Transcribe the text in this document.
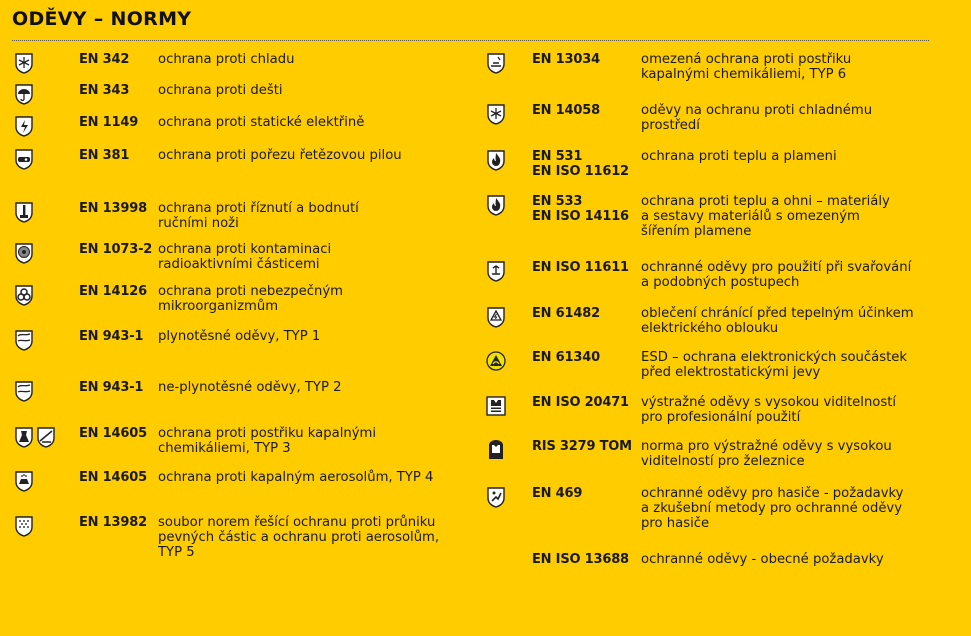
ODĚVY – NORMY
EN 342	ochrana proti chladu
EN 343	ochrana proti dešti
EN 1149	ochrana proti statické elektřině
EN 381	ochrana proti pořezu řetězovou pilou
EN 13998 ochrana proti říznutí a bodnutí
ručními noži
EN 1073-2 ochrana proti kontaminaci
radioaktivními částicemi
EN 14126 ochrana proti nebezpečným
mikroorganizmům
EN 943-1	plynotěsné oděvy, TYP 1
EN 943-1	ne-plynotěsné oděvy, TYP 2
EN 14605 ochrana proti postřiku kapalnými
chemikáliemi, TYP 3
EN 14605 ochrana proti kapalným aerosolům, TYP 4
EN 13982 soubor norem řešící ochranu proti průniku
pevných částic a ochranu proti aerosolům,
TYP 5
EN 13034	omezená ochrana proti postřiku
kapalnými chemikáliemi, TYP 6
EN 14058	oděvy na ochranu proti chladnému
prostředí
EN 531
EN ISO 11612
ochrana proti teplu a plameni
EN 533
EN ISO 14116
ochrana proti teplu a ohni – materiály
a sestavy materiálů s omezeným
šířením plamene
EN ISO 11611 ochranné oděvy pro použití při svařování
a podobných postupech
EN 61482	oblečení chránící před tepelným účinkem
elektrického oblouku
EN 61340	ESD – ochrana elektronických součástek
před elektrostatickými jevy
EN ISO 20471 výstražné oděvy s vysokou viditelností
pro profesionální použití
RIS 3279 TOM norma pro výstražné oděvy s vysokou
viditelností pro železnice
EN 469	ochranné oděvy pro hasiče - požadavky
a zkušební metody pro ochranné oděvy
pro hasiče
EN ISO 13688 ochranné oděvy - obecné požadavky
